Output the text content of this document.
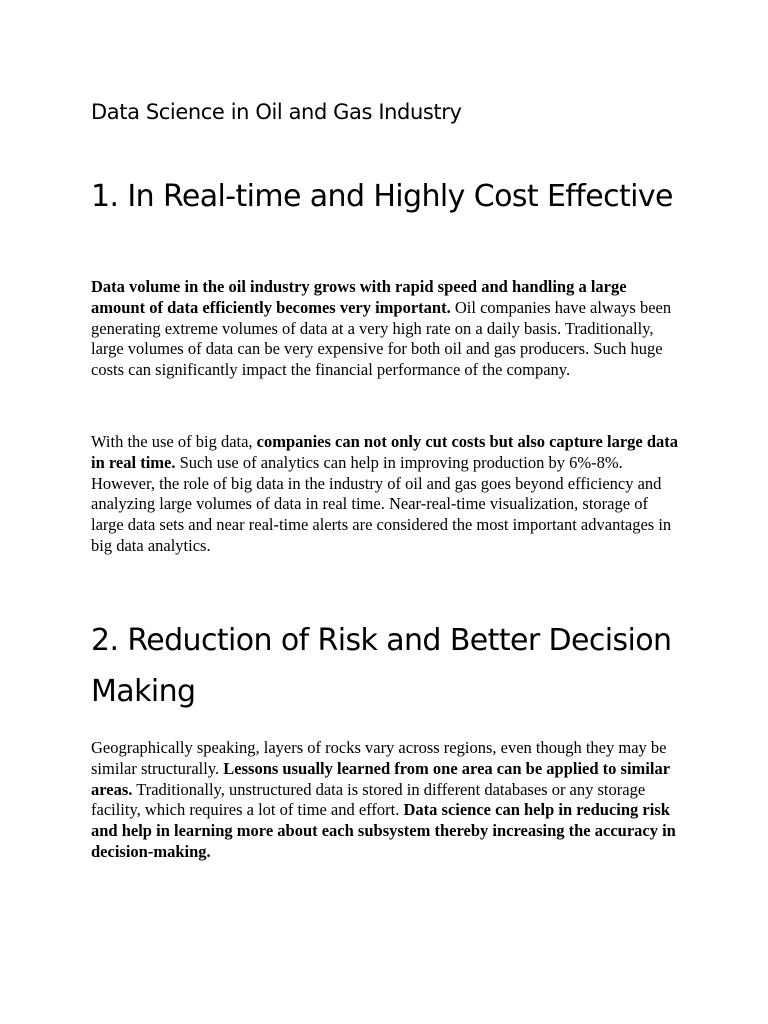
Data Science in Oil and Gas Industry
1. In Real-time and Highly Cost Effective

Data volume in the oil industry grows with rapid speed and handling a large amount of data efficiently becomes very important. Oil companies have always been generating extreme volumes of data at a very high rate on a daily basis. Traditionally, large volumes of data can be very expensive for both oil and gas producers. Such huge costs can significantly impact the financial performance of the company.

With the use of big data, companies can not only cut costs but also capture large data in real time. Such use of analytics can help in improving production by 6%-8%. However, the role of big data in the industry of oil and gas goes beyond efficiency and analyzing large volumes of data in real time. Near-real-time visualization, storage of large data sets and near real-time alerts are considered the most important advantages in big data analytics.

2. Reduction of Risk and Better Decision Making

Geographically speaking, layers of rocks vary across regions, even though they may be similar structurally. Lessons usually learned from one area can be applied to similar areas. Traditionally, unstructured data is stored in different databases or any storage facility, which requires a lot of time and effort. Data science can help in reducing risk and help in learning more about each subsystem thereby increasing the accuracy in decision-making.
